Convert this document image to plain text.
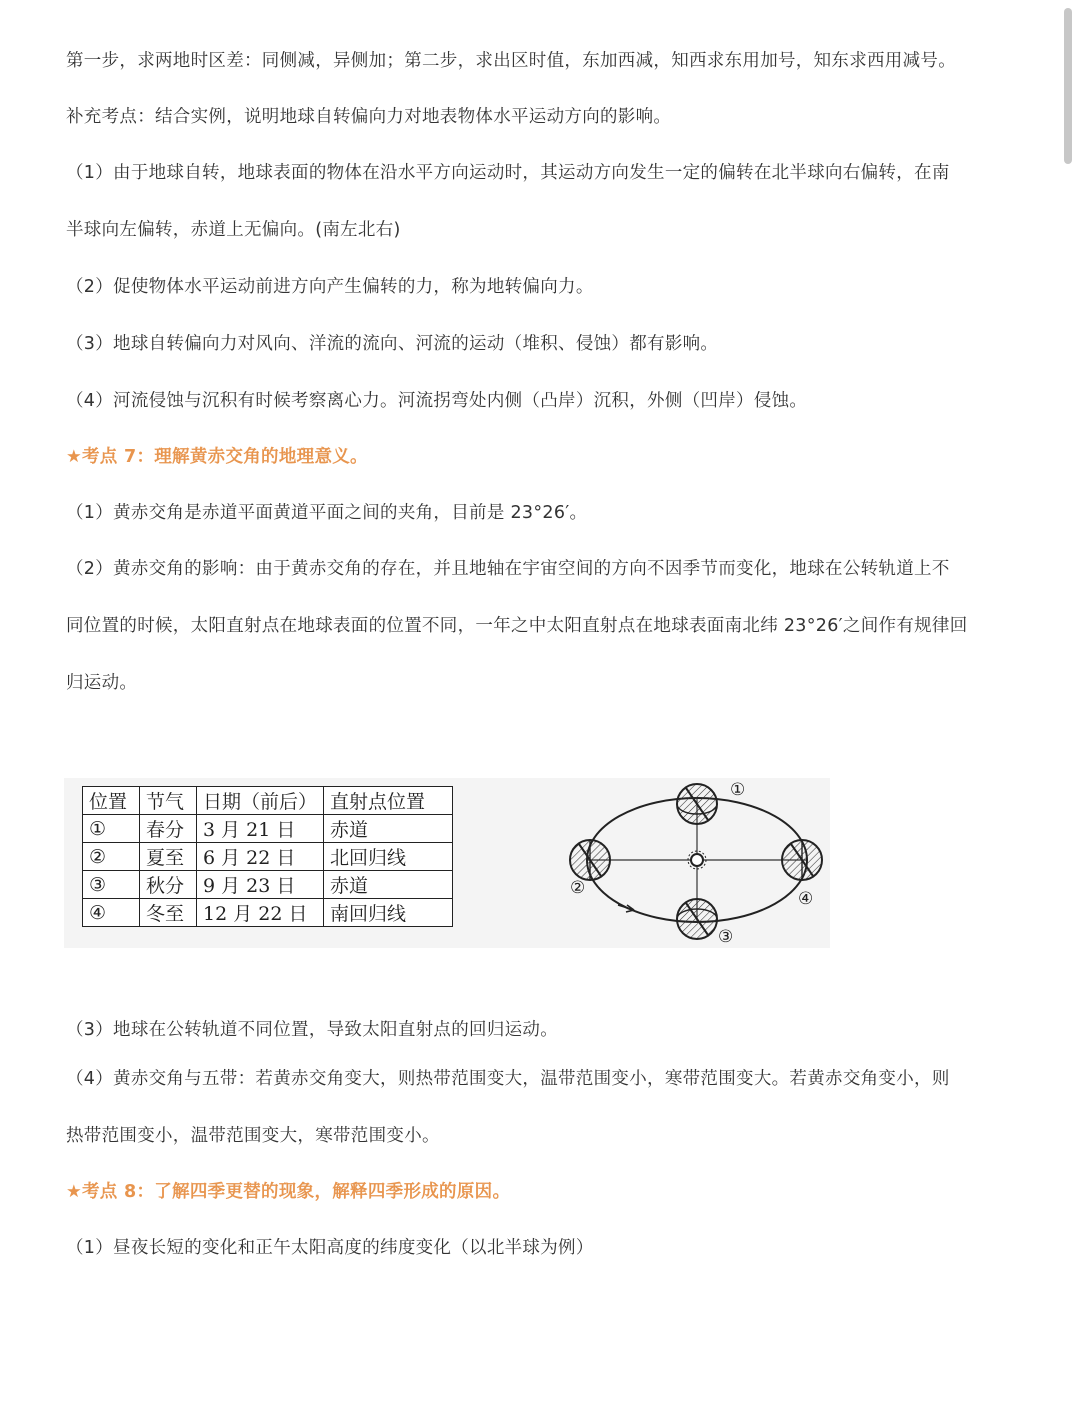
第一步，求两地时区差：同侧减，异侧加；第二步，求出区时值，东加西减，知西求东用加号，知东求西用减号。

补充考点：结合实例，说明地球自转偏向力对地表物体水平运动方向的影响。

（1）由于地球自转，地球表面的物体在沿水平方向运动时，其运动方向发生一定的偏转在北半球向右偏转，在南

半球向左偏转，赤道上无偏向。(南左北右)

（2）促使物体水平运动前进方向产生偏转的力，称为地转偏向力。

（3）地球自转偏向力对风向、洋流的流向、河流的运动（堆积、侵蚀）都有影响。

（4）河流侵蚀与沉积有时候考察离心力。河流拐弯处内侧（凸岸）沉积，外侧（凹岸）侵蚀。

★考点 7：理解黄赤交角的地理意义。

（1）黄赤交角是赤道平面黄道平面之间的夹角，目前是 23°26′。

（2）黄赤交角的影响：由于黄赤交角的存在，并且地轴在宇宙空间的方向不因季节而变化，地球在公转轨道上不

同位置的时候，太阳直射点在地球表面的位置不同，一年之中太阳直射点在地球表面南北纬 23°26′之间作有规律回

归运动。

位置	节气	日期（前后）	直射点位置
①	春分	3 月 21 日	赤道
②	夏至	6 月 22 日	北回归线
③	秋分	9 月 23 日	赤道
④	冬至	12 月 22 日	南回归线
①
②
③
④

（3）地球在公转轨道不同位置，导致太阳直射点的回归运动。

（4）黄赤交角与五带：若黄赤交角变大，则热带范围变大，温带范围变小，寒带范围变大。若黄赤交角变小，则

热带范围变小，温带范围变大，寒带范围变小。

★考点 8：了解四季更替的现象，解释四季形成的原因。

（1）昼夜长短的变化和正午太阳高度的纬度变化（以北半球为例）
